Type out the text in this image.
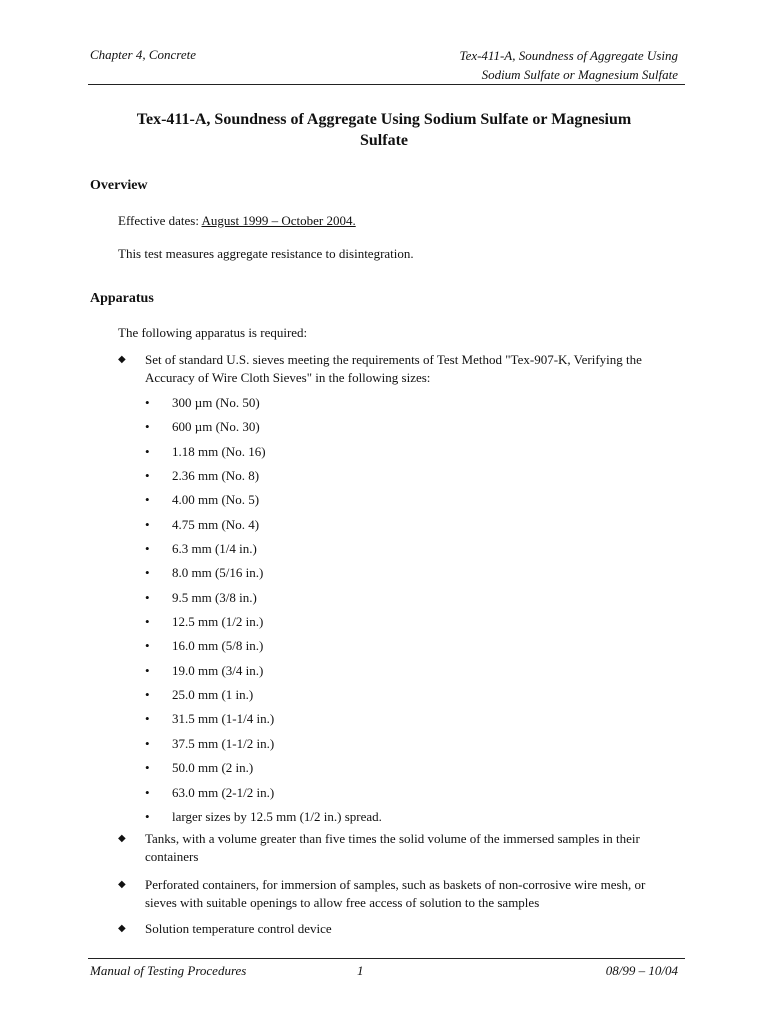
Chapter 4, Concrete	Tex-411-A, Soundness of Aggregate Using
Sodium Sulfate or Magnesium Sulfate
Tex-411-A, Soundness of Aggregate Using Sodium Sulfate or Magnesium
Sulfate
Overview
Effective dates: August 1999 – October 2004.
This test measures aggregate resistance to disintegration.
Apparatus
The following apparatus is required:
◆ Set of standard U.S. sieves meeting the requirements of Test Method "Tex-907-K, Verifying the Accuracy of Wire Cloth Sieves" in the following sizes:
• 300 µm (No. 50)
• 600 µm (No. 30)
• 1.18 mm (No. 16)
• 2.36 mm (No. 8)
• 4.00 mm (No. 5)
• 4.75 mm (No. 4)
• 6.3 mm (1/4 in.)
• 8.0 mm (5/16 in.)
• 9.5 mm (3/8 in.)
• 12.5 mm (1/2 in.)
• 16.0 mm (5/8 in.)
• 19.0 mm (3/4 in.)
• 25.0 mm (1 in.)
• 31.5 mm (1-1/4 in.)
• 37.5 mm (1-1/2 in.)
• 50.0 mm (2 in.)
• 63.0 mm (2-1/2 in.)
• larger sizes by 12.5 mm (1/2 in.) spread.
◆ Tanks, with a volume greater than five times the solid volume of the immersed samples in their containers
◆ Perforated containers, for immersion of samples, such as baskets of non-corrosive wire mesh, or sieves with suitable openings to allow free access of solution to the samples
◆ Solution temperature control device
Manual of Testing Procedures	1	08/99 – 10/04
